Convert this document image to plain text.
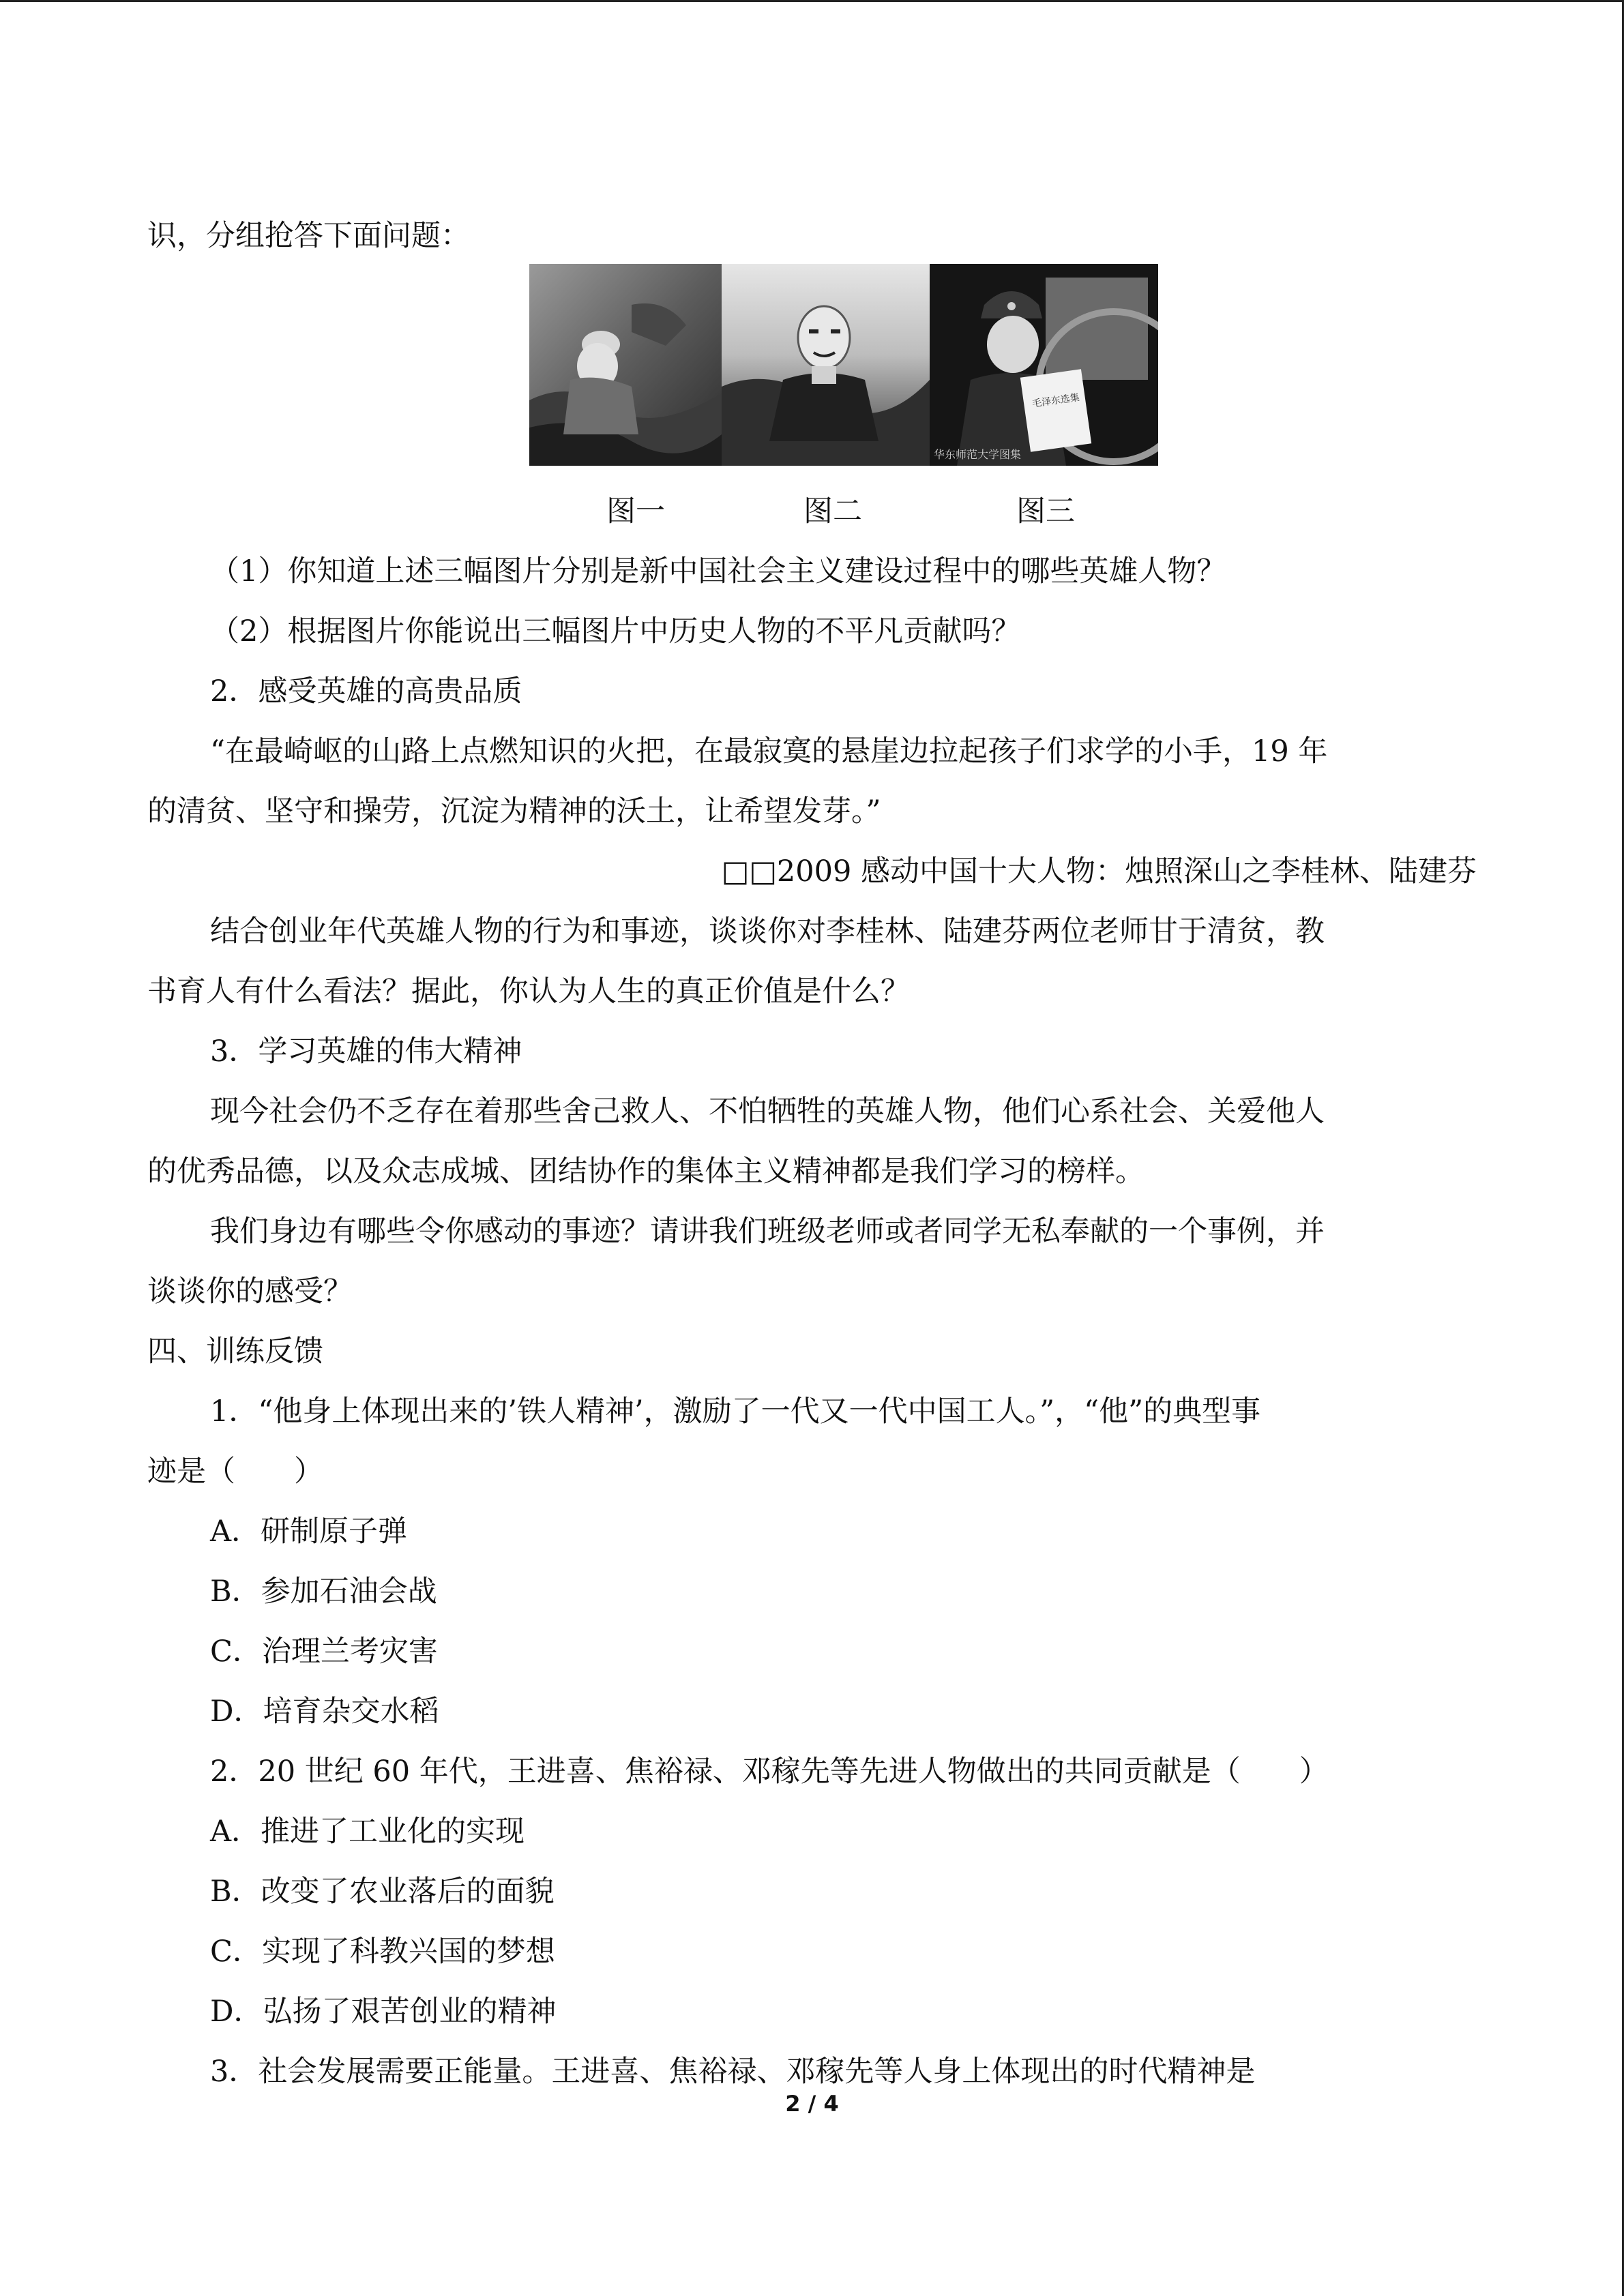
识，分组抢答下面问题：

毛泽东选集
华东师范大学图集
图一	图二	图三

（1）你知道上述三幅图片分别是新中国社会主义建设过程中的哪些英雄人物？

（2）根据图片你能说出三幅图片中历史人物的不平凡贡献吗？

2．感受英雄的高贵品质

“在最崎岖的山路上点燃知识的火把，在最寂寞的悬崖边拉起孩子们求学的小手，19 年

的清贫、坚守和操劳，沉淀为精神的沃土，让希望发芽。”

□□2009 感动中国十大人物：烛照深山之李桂林、陆建芬

结合创业年代英雄人物的行为和事迹，谈谈你对李桂林、陆建芬两位老师甘于清贫，教

书育人有什么看法？据此，你认为人生的真正价值是什么？

3．学习英雄的伟大精神

现今社会仍不乏存在着那些舍己救人、不怕牺牲的英雄人物，他们心系社会、关爱他人

的优秀品德，以及众志成城、团结协作的集体主义精神都是我们学习的榜样。

我们身边有哪些令你感动的事迹？请讲我们班级老师或者同学无私奉献的一个事例，并

谈谈你的感受？

四、训练反馈

1．“他身上体现出来的’铁人精神’，激励了一代又一代中国工人。”，“他”的典型事

迹是（　　）

A．研制原子弹

B．参加石油会战

C．治理兰考灾害

D．培育杂交水稻

2．20 世纪 60 年代，王进喜、焦裕禄、邓稼先等先进人物做出的共同贡献是（　　）

A．推进了工业化的实现

B．改变了农业落后的面貌

C．实现了科教兴国的梦想

D．弘扬了艰苦创业的精神

3．社会发展需要正能量。王进喜、焦裕禄、邓稼先等人身上体现出的时代精神是

2 / 4
